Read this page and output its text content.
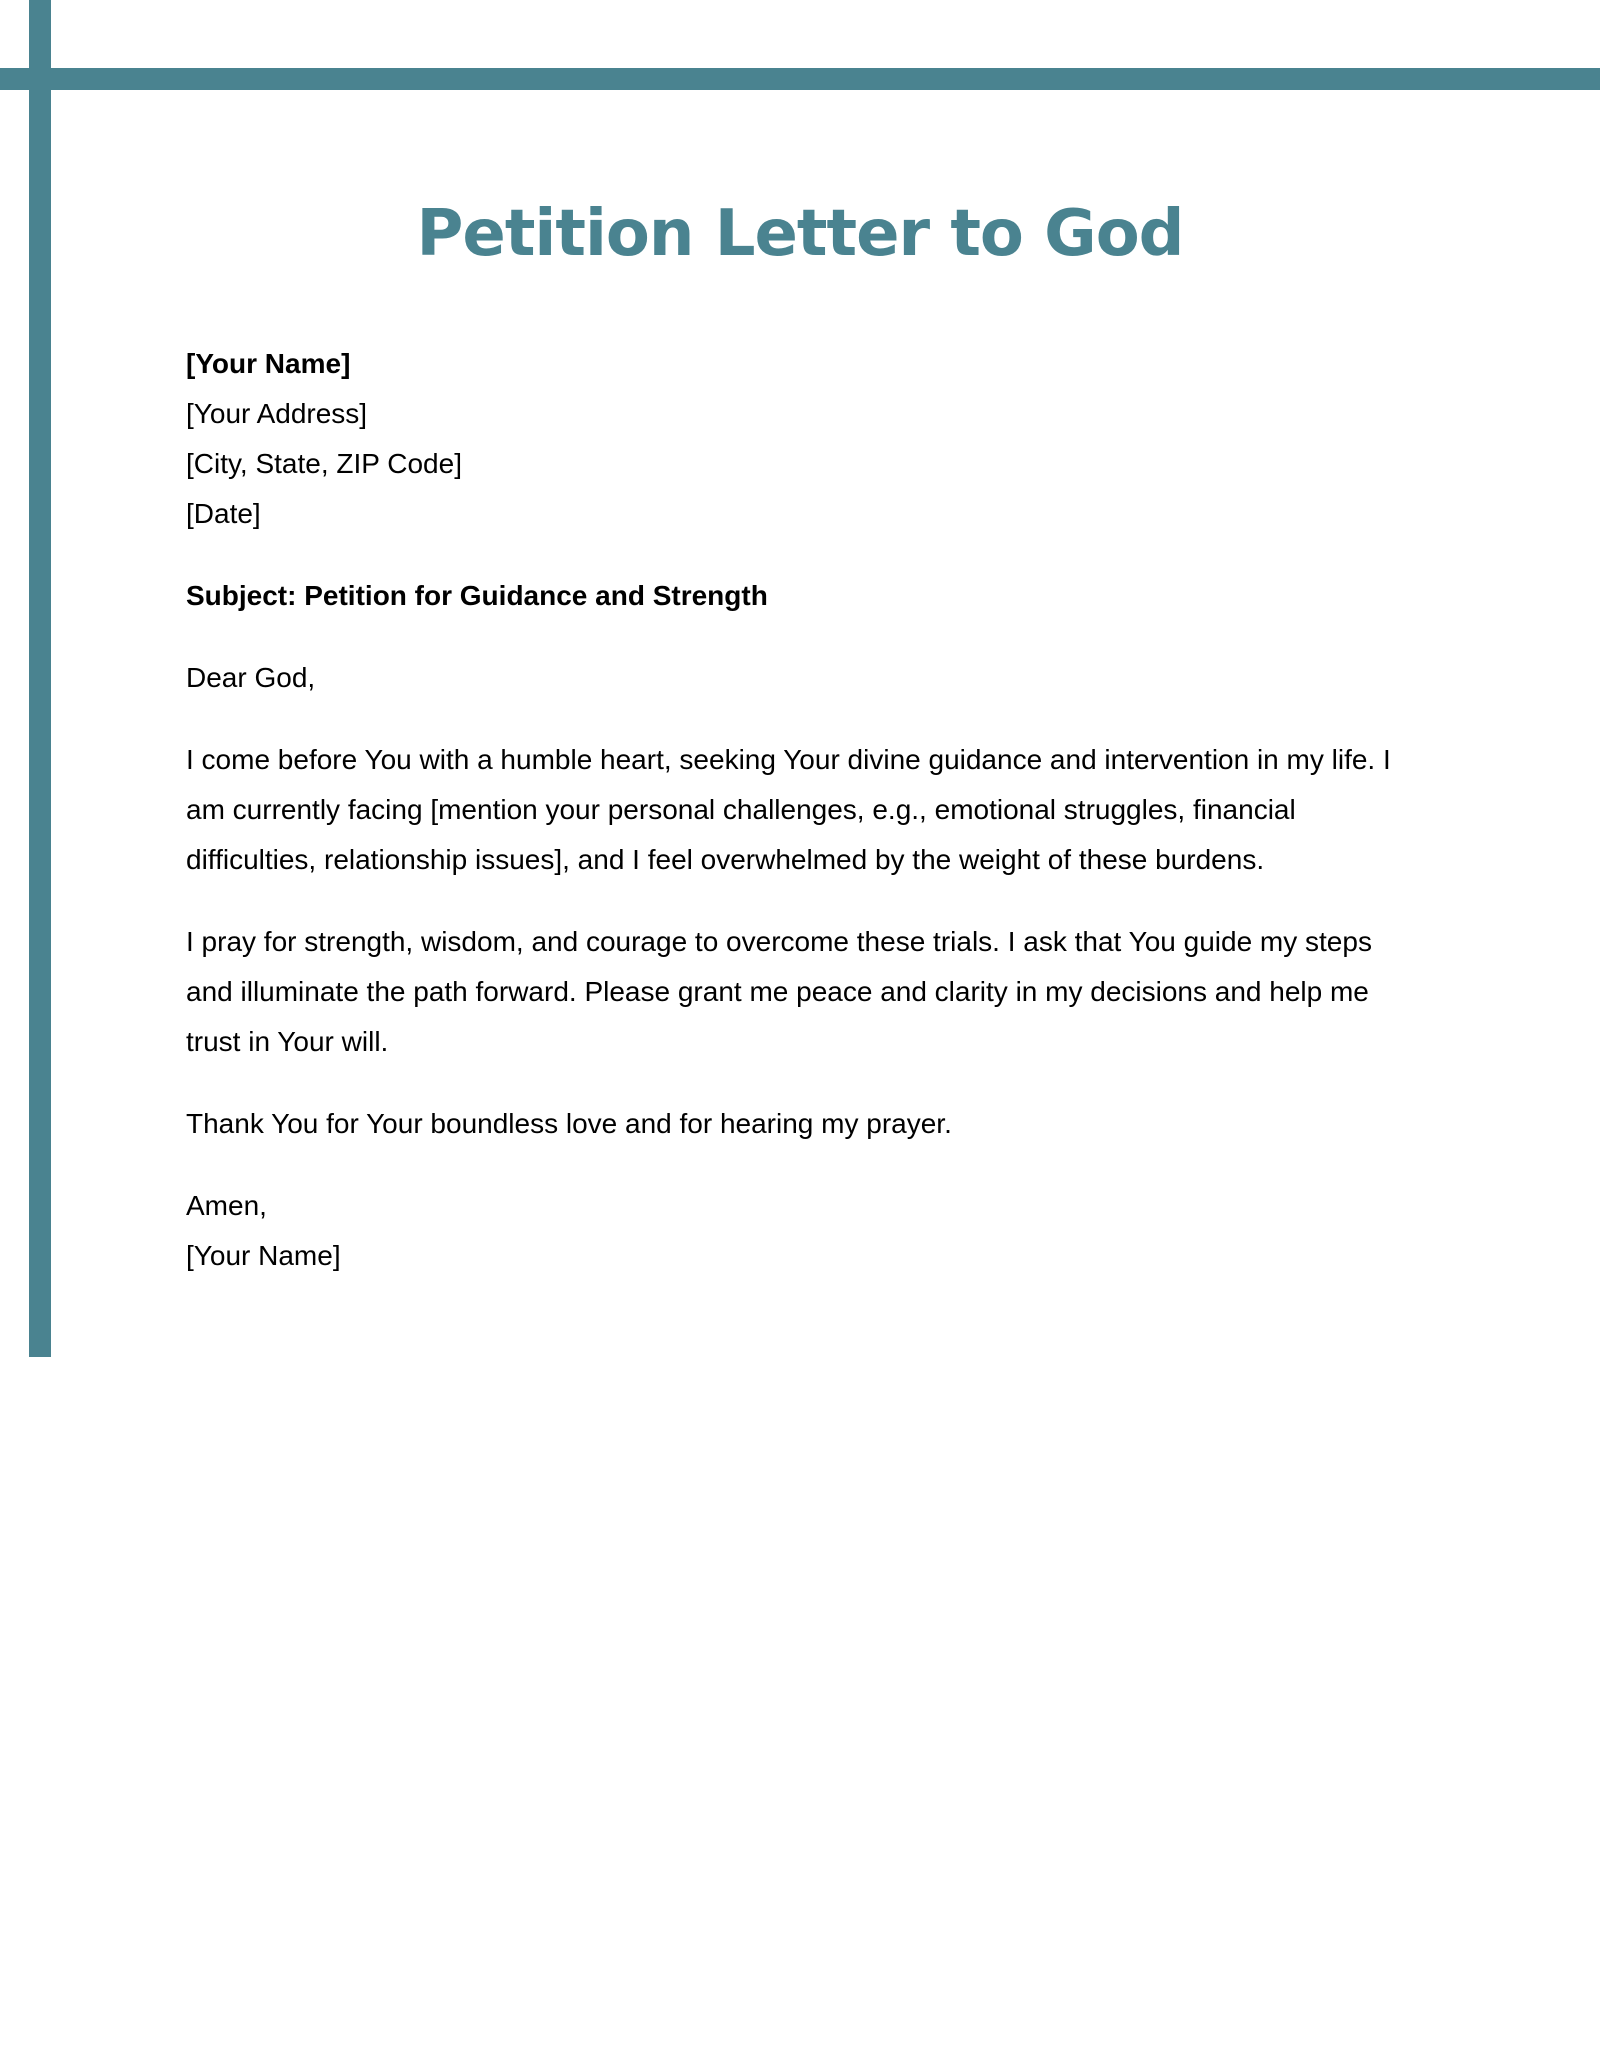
Petition Letter to God
[Your Name]
[Your Address]
[City, State, ZIP Code]
[Date]

Subject: Petition for Guidance and Strength

Dear God,

I come before You with a humble heart, seeking Your divine guidance and intervention in my life. I am currently facing [mention your personal challenges, e.g., emotional struggles, financial difficulties, relationship issues], and I feel overwhelmed by the weight of these burdens.

I pray for strength, wisdom, and courage to overcome these trials. I ask that You guide my steps and illuminate the path forward. Please grant me peace and clarity in my decisions and help me trust in Your will.

Thank You for Your boundless love and for hearing my prayer.

Amen,
[Your Name]
